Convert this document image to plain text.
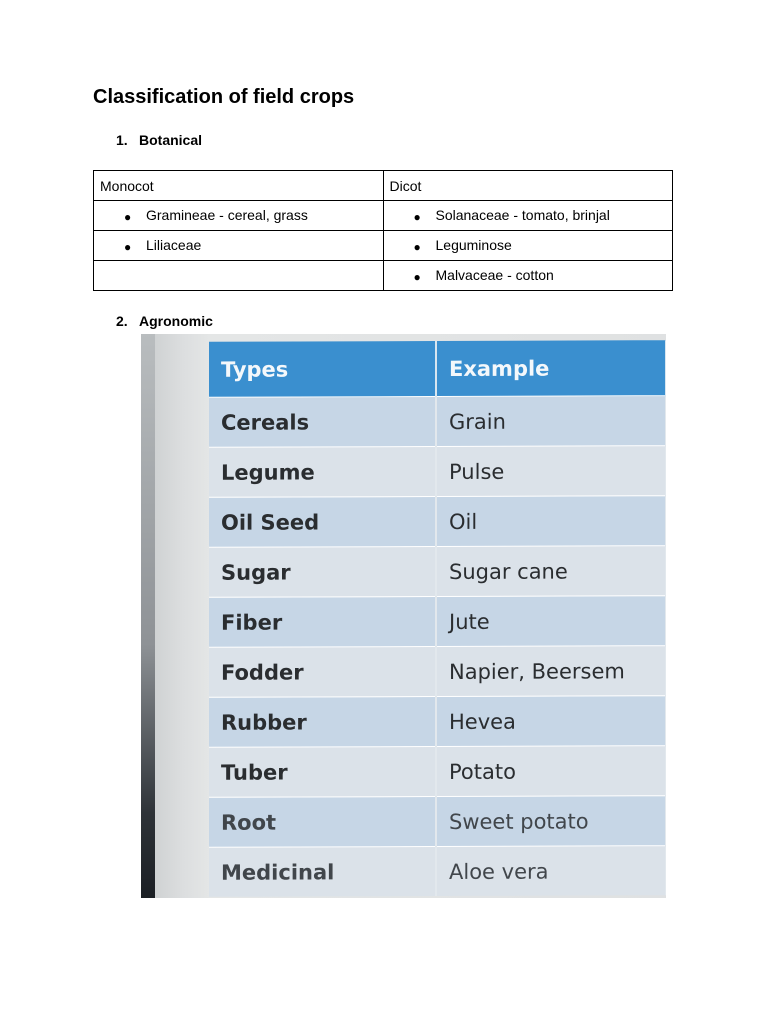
Classification of field crops
1. Botanical
Monocot	Dicot
● Gramineae - cereal, grass	● Solanaceae - tomato, brinjal
● Liliaceae	● Leguminose
	● Malvaceae - cotton
2. Agronomic
Types	Example
Cereals	Grain
Legume	Pulse
Oil Seed	Oil
Sugar	Sugar cane
Fiber	Jute
Fodder	Napier, Beersem
Rubber	Hevea
Tuber	Potato
Root	Sweet potato
Medicinal	Aloe vera
